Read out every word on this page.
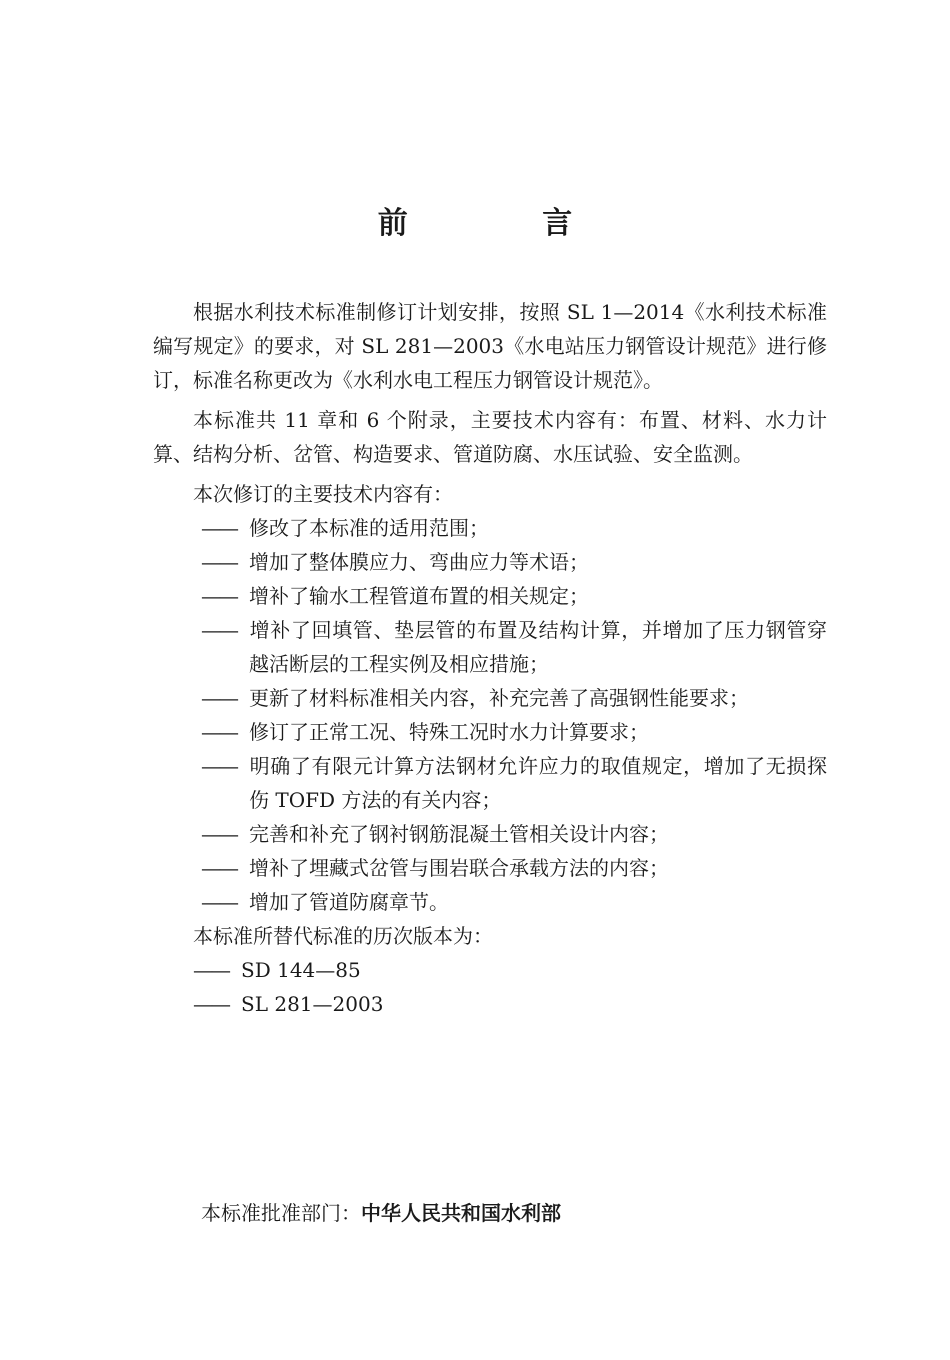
前 言

根据水利技术标准制修订计划安排，按照 SL 1—2014《水利技术标准编写规定》的要求，对 SL 281—2003《水电站压力钢管设计规范》进行修订，标准名称更改为《水利水电工程压力钢管设计规范》。

本标准共 11 章和 6 个附录，主要技术内容有：布置、材料、水力计算、结构分析、岔管、构造要求、管道防腐、水压试验、安全监测。

本次修订的主要技术内容有：

—— 修改了本标准的适用范围；

—— 增加了整体膜应力、弯曲应力等术语；

—— 增补了输水工程管道布置的相关规定；

—— 增补了回填管、垫层管的布置及结构计算，并增加了压力钢管穿越活断层的工程实例及相应措施；

—— 更新了材料标准相关内容，补充完善了高强钢性能要求；

—— 修订了正常工况、特殊工况时水力计算要求；

—— 明确了有限元计算方法钢材允许应力的取值规定，增加了无损探伤 TOFD 方法的有关内容；

—— 完善和补充了钢衬钢筋混凝土管相关设计内容；

—— 增补了埋藏式岔管与围岩联合承载方法的内容；

—— 增加了管道防腐章节。

本标准所替代标准的历次版本为：

—— SD 144—85

—— SL 281—2003

本标准批准部门：中华人民共和国水利部
